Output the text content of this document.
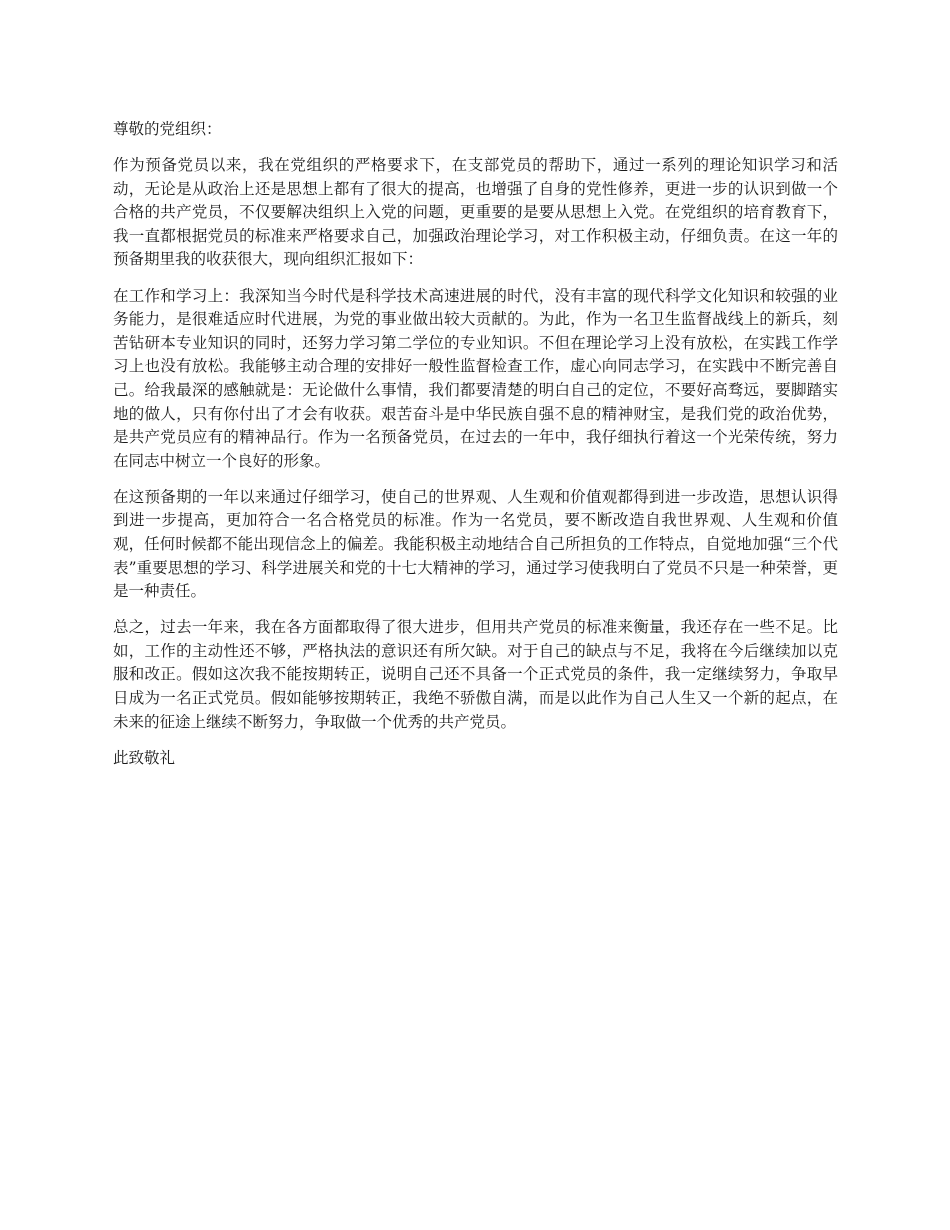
尊敬的党组织：

作为预备党员以来，我在党组织的严格要求下，在支部党员的帮助下，通过一系列的理论知识学习和活动，无论是从政治上还是思想上都有了很大的提高，也增强了自身的党性修养，更进一步的认识到做一个合格的共产党员，不仅要解决组织上入党的问题，更重要的是要从思想上入党。在党组织的培育教育下，我一直都根据党员的标准来严格要求自己，加强政治理论学习，对工作积极主动，仔细负责。在这一年的预备期里我的收获很大，现向组织汇报如下：

在工作和学习上：我深知当今时代是科学技术高速进展的时代，没有丰富的现代科学文化知识和较强的业务能力，是很难适应时代进展，为党的事业做出较大贡献的。为此，作为一名卫生监督战线上的新兵，刻苦钻研本专业知识的同时，还努力学习第二学位的专业知识。不但在理论学习上没有放松，在实践工作学习上也没有放松。我能够主动合理的安排好一般性监督检查工作，虚心向同志学习，在实践中不断完善自己。给我最深的感触就是：无论做什么事情，我们都要清楚的明白自己的定位，不要好高骛远，要脚踏实地的做人，只有你付出了才会有收获。艰苦奋斗是中华民族自强不息的精神财宝，是我们党的政治优势，是共产党员应有的精神品行。作为一名预备党员，在过去的一年中，我仔细执行着这一个光荣传统，努力在同志中树立一个良好的形象。

在这预备期的一年以来通过仔细学习，使自己的世界观、人生观和价值观都得到进一步改造，思想认识得到进一步提高，更加符合一名合格党员的标准。作为一名党员，要不断改造自我世界观、人生观和价值观，任何时候都不能出现信念上的偏差。我能积极主动地结合自己所担负的工作特点，自觉地加强“三个代表”重要思想的学习、科学进展关和党的十七大精神的学习，通过学习使我明白了党员不只是一种荣誉，更是一种责任。

总之，过去一年来，我在各方面都取得了很大进步，但用共产党员的标准来衡量，我还存在一些不足。比如，工作的主动性还不够，严格执法的意识还有所欠缺。对于自己的缺点与不足，我将在今后继续加以克服和改正。假如这次我不能按期转正，说明自己还不具备一个正式党员的条件，我一定继续努力，争取早日成为一名正式党员。假如能够按期转正，我绝不骄傲自满，而是以此作为自己人生又一个新的起点，在未来的征途上继续不断努力，争取做一个优秀的共产党员。

此致敬礼
